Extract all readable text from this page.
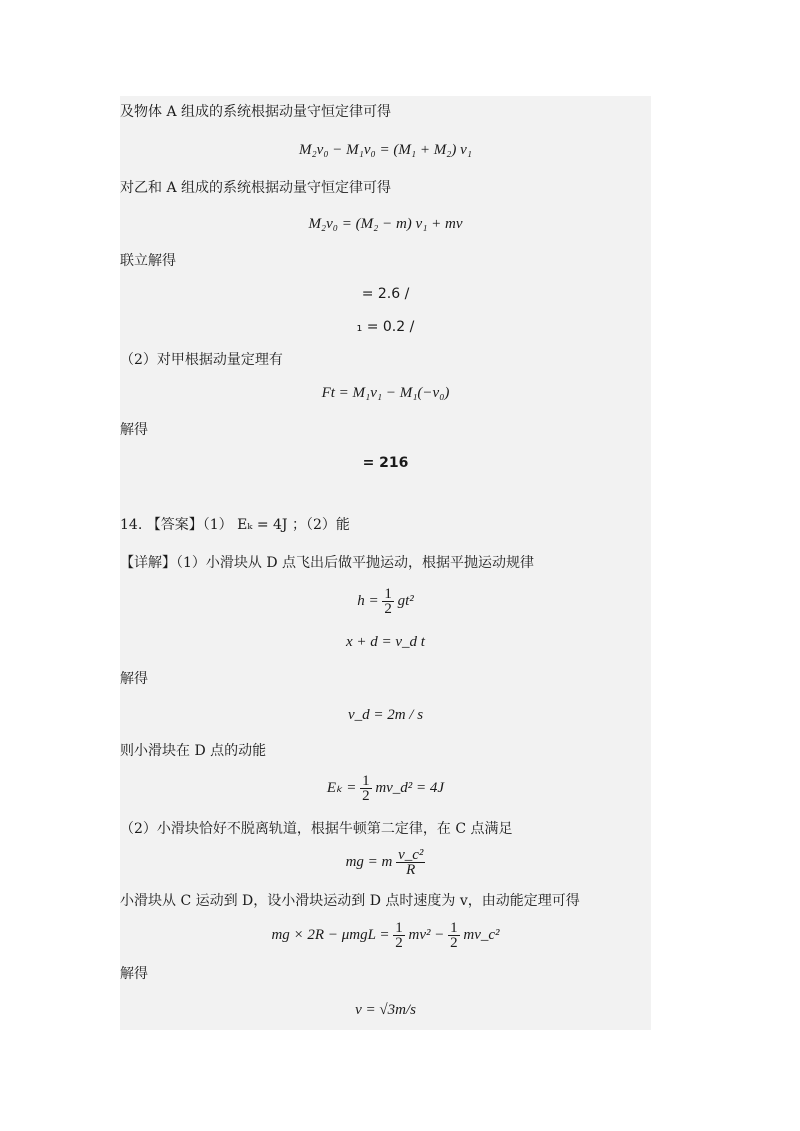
及物体 A 组成的系统根据动量守恒定律可得
M₂v₀ − M₁v₀ = (M₁ + M₂) v₁
对乙和 A 组成的系统根据动量守恒定律可得
M₂v₀ = (M₂ − m) v₁ + mv
联立解得
= 2.6 /
₁ = 0.2 /
（2）对甲根据动量定理有
Ft = M₁v₁ − M₁(−v₀)
解得
= 216
14. 【答案】（1） Eₖ = 4J ；（2）能
【详解】（1）小滑块从 D 点飞出后做平抛运动，根据平抛运动规律
$h = \frac{1}{2} gt^2$
x + d = v_d t
解得
v_d = 2m / s
则小滑块在 D 点的动能
$E_k = \frac{1}{2}$ mv_d² = 4J
（2）小滑块恰好不脱离轨道，根据牛顿第二定律，在 C 点满足
mg = m $\frac{\text{v\_c²}}{R}$
小滑块从 C 运动到 D，设小滑块运动到 D 点时速度为 v，由动能定理可得
mg × $2R - \mu mgL = \frac{1}{2} mv^2 - \frac{1}{2}$ mv_c²
解得
v = √3m/s
